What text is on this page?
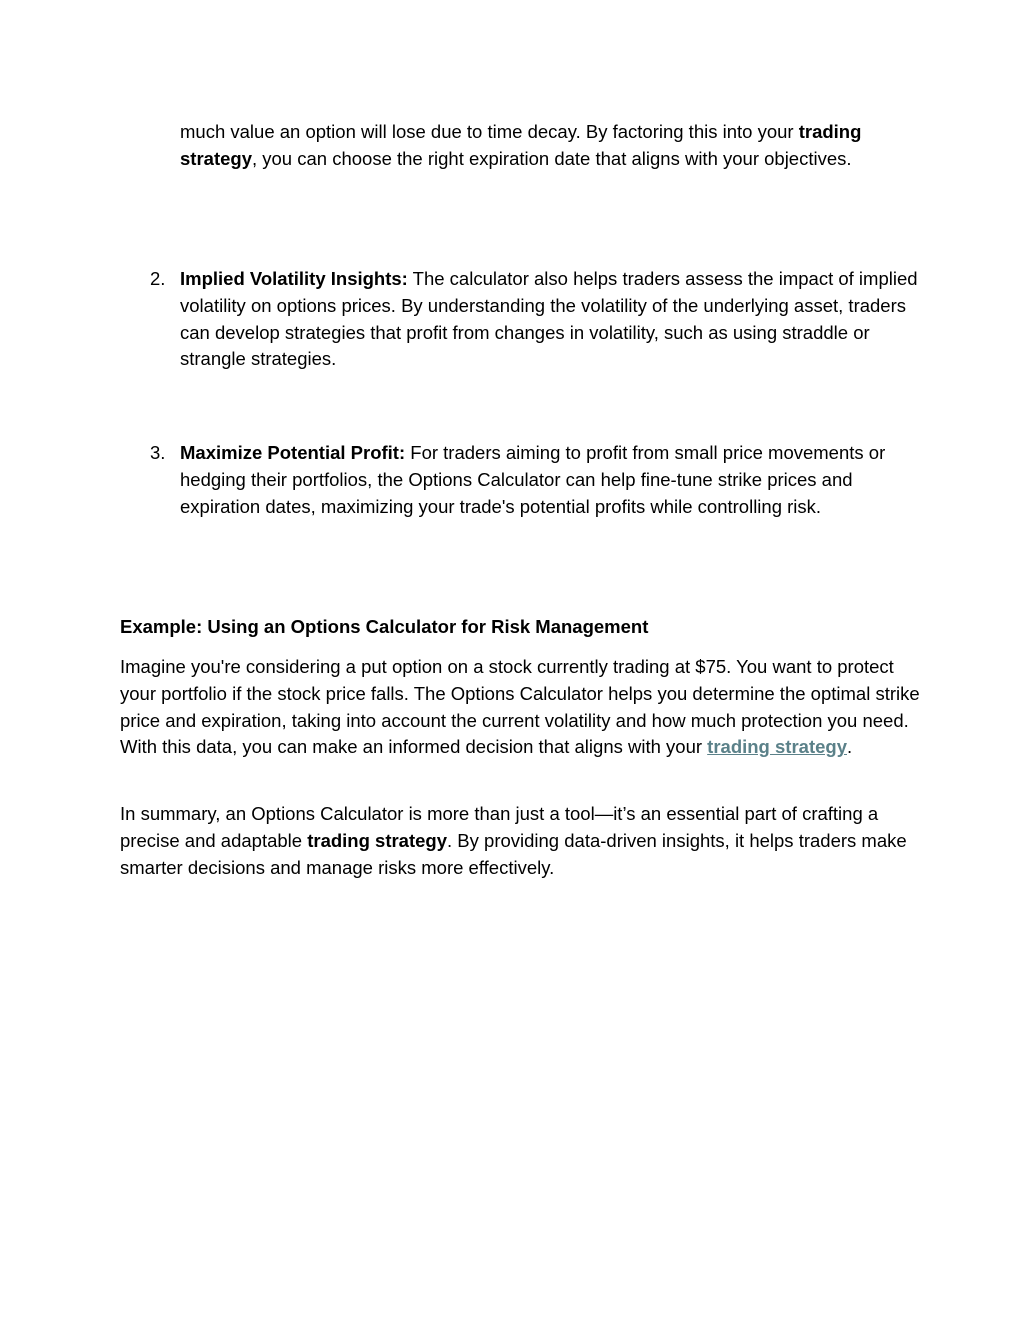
much value an option will lose due to time decay. By factoring this into your trading strategy, you can choose the right expiration date that aligns with your objectives.

2. Implied Volatility Insights: The calculator also helps traders assess the impact of implied volatility on options prices. By understanding the volatility of the underlying asset, traders can develop strategies that profit from changes in volatility, such as using straddle or strangle strategies.

3. Maximize Potential Profit: For traders aiming to profit from small price movements or hedging their portfolios, the Options Calculator can help fine-tune strike prices and expiration dates, maximizing your trade's potential profits while controlling risk.

Example: Using an Options Calculator for Risk Management

Imagine you're considering a put option on a stock currently trading at $75. You want to protect your portfolio if the stock price falls. The Options Calculator helps you determine the optimal strike price and expiration, taking into account the current volatility and how much protection you need. With this data, you can make an informed decision that aligns with your trading strategy.

In summary, an Options Calculator is more than just a tool—it’s an essential part of crafting a precise and adaptable trading strategy. By providing data-driven insights, it helps traders make smarter decisions and manage risks more effectively.
